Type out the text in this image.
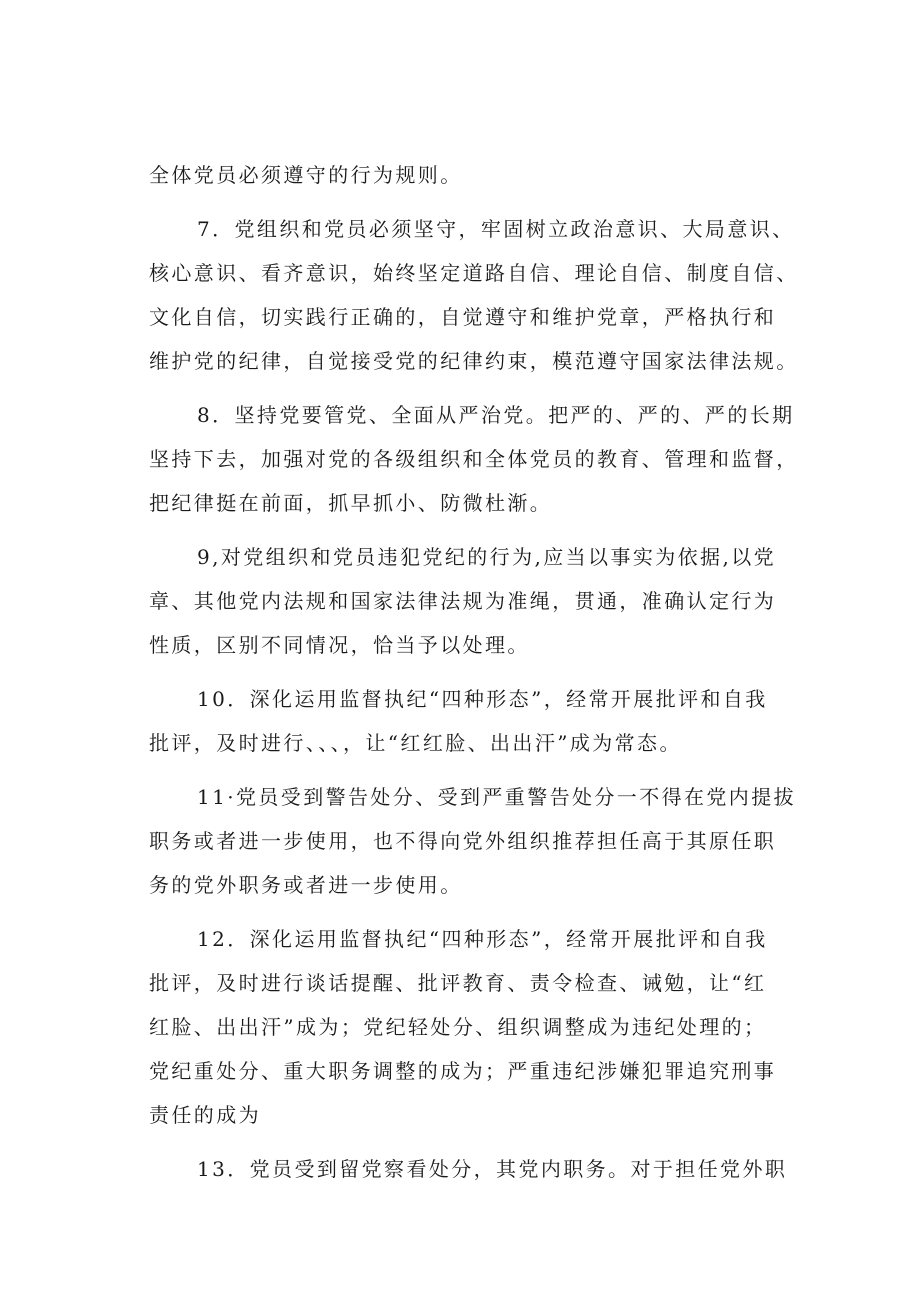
全体党员必须遵守的行为规则。
7．党组织和党员必须坚守，牢固树立政治意识、大局意识、
核心意识、看齐意识，始终坚定道路自信、理论自信、制度自信、
文化自信，切实践行正确的，自觉遵守和维护党章，严格执行和
维护党的纪律，自觉接受党的纪律约束，模范遵守国家法律法规。
8．坚持党要管党、全面从严治党。把严的、严的、严的长期
坚持下去，加强对党的各级组织和全体党员的教育、管理和监督，
把纪律挺在前面，抓早抓小、防微杜渐。
9,对党组织和党员违犯党纪的行为,应当以事实为依据,以党
章、其他党内法规和国家法律法规为准绳，贯通，准确认定行为
性质，区别不同情况，恰当予以处理。
10．深化运用监督执纪“四种形态”，经常开展批评和自我
批评，及时进行、、、，让“红红脸、出出汗”成为常态。
11·党员受到警告处分、受到严重警告处分一不得在党内提拔
职务或者进一步使用，也不得向党外组织推荐担任高于其原任职
务的党外职务或者进一步使用。
12．深化运用监督执纪“四种形态”，经常开展批评和自我
批评，及时进行谈话提醒、批评教育、责令检查、诫勉，让“红
红脸、出出汗”成为；党纪轻处分、组织调整成为违纪处理的；
党纪重处分、重大职务调整的成为；严重违纪涉嫌犯罪追究刑事
责任的成为
13．党员受到留党察看处分，其党内职务。对于担任党外职
